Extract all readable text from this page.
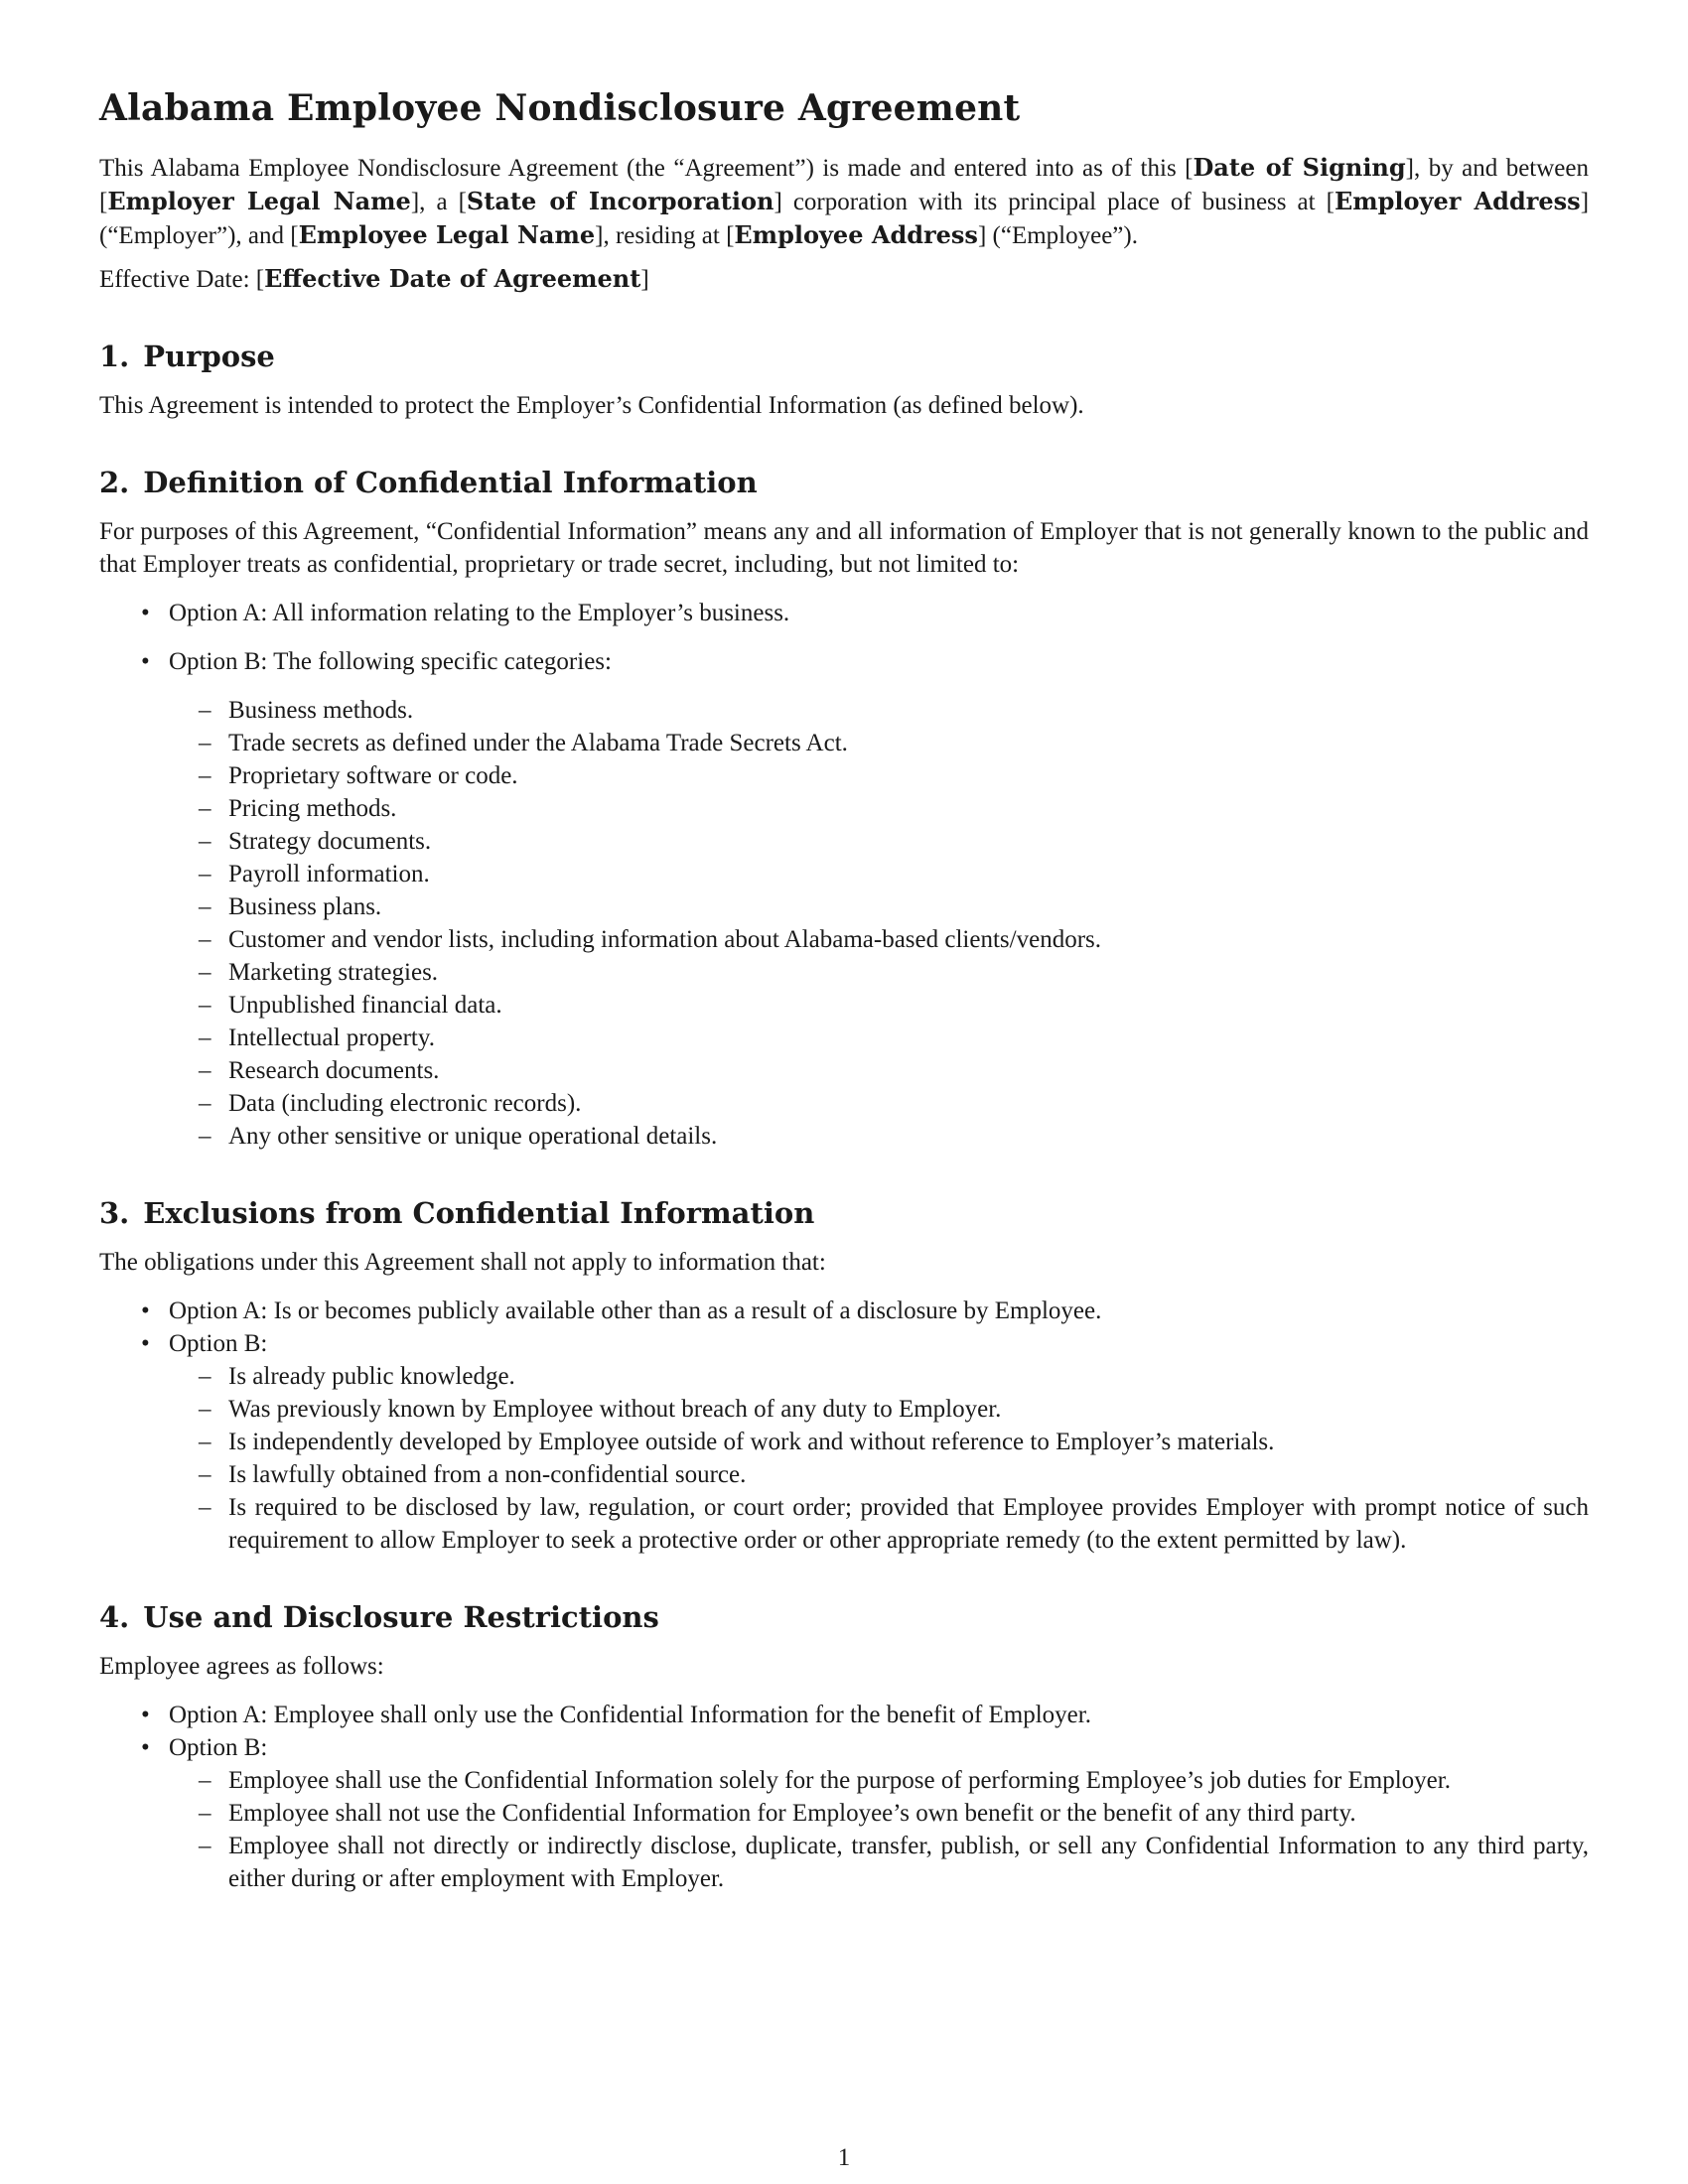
Alabama Employee Nondisclosure Agreement

This Alabama Employee Nondisclosure Agreement (the “Agreement”) is made and entered into as of this [Date of Signing], by and between [Employer Legal Name], a [State of Incorporation] corporation with its principal place of business at [Employer Address] (“Employer”), and [Employee Legal Name], residing at [Employee Address] (“Employee”).

Effective Date: [Effective Date of Agreement]

1. Purpose

This Agreement is intended to protect the Employer’s Confidential Information (as defined below).

2. Definition of Confidential Information

For purposes of this Agreement, “Confidential Information” means any and all information of Employer that is not generally known to the public and that Employer treats as confidential, proprietary or trade secret, including, but not limited to:

• Option A: All information relating to the Employer’s business.
• Option B: The following specific categories:
– Business methods.
– Trade secrets as defined under the Alabama Trade Secrets Act.
– Proprietary software or code.
– Pricing methods.
– Strategy documents.
– Payroll information.
– Business plans.
– Customer and vendor lists, including information about Alabama-based clients/vendors.
– Marketing strategies.
– Unpublished financial data.
– Intellectual property.
– Research documents.
– Data (including electronic records).
– Any other sensitive or unique operational details.
3. Exclusions from Confidential Information

The obligations under this Agreement shall not apply to information that:

• Option A: Is or becomes publicly available other than as a result of a disclosure by Employee.
• Option B:
– Is already public knowledge.
– Was previously known by Employee without breach of any duty to Employer.
– Is independently developed by Employee outside of work and without reference to Employer’s materials.
– Is lawfully obtained from a non-confidential source.
– Is required to be disclosed by law, regulation, or court order; provided that Employee provides Employer with prompt notice of such requirement to allow Employer to seek a protective order or other appropriate remedy (to the extent permitted by law).
4. Use and Disclosure Restrictions

Employee agrees as follows:

• Option A: Employee shall only use the Confidential Information for the benefit of Employer.
• Option B:
– Employee shall use the Confidential Information solely for the purpose of performing Employee’s job duties for Employer.
– Employee shall not use the Confidential Information for Employee’s own benefit or the benefit of any third party.
– Employee shall not directly or indirectly disclose, duplicate, transfer, publish, or sell any Confidential Information to any third party, either during or after employment with Employer.
1
